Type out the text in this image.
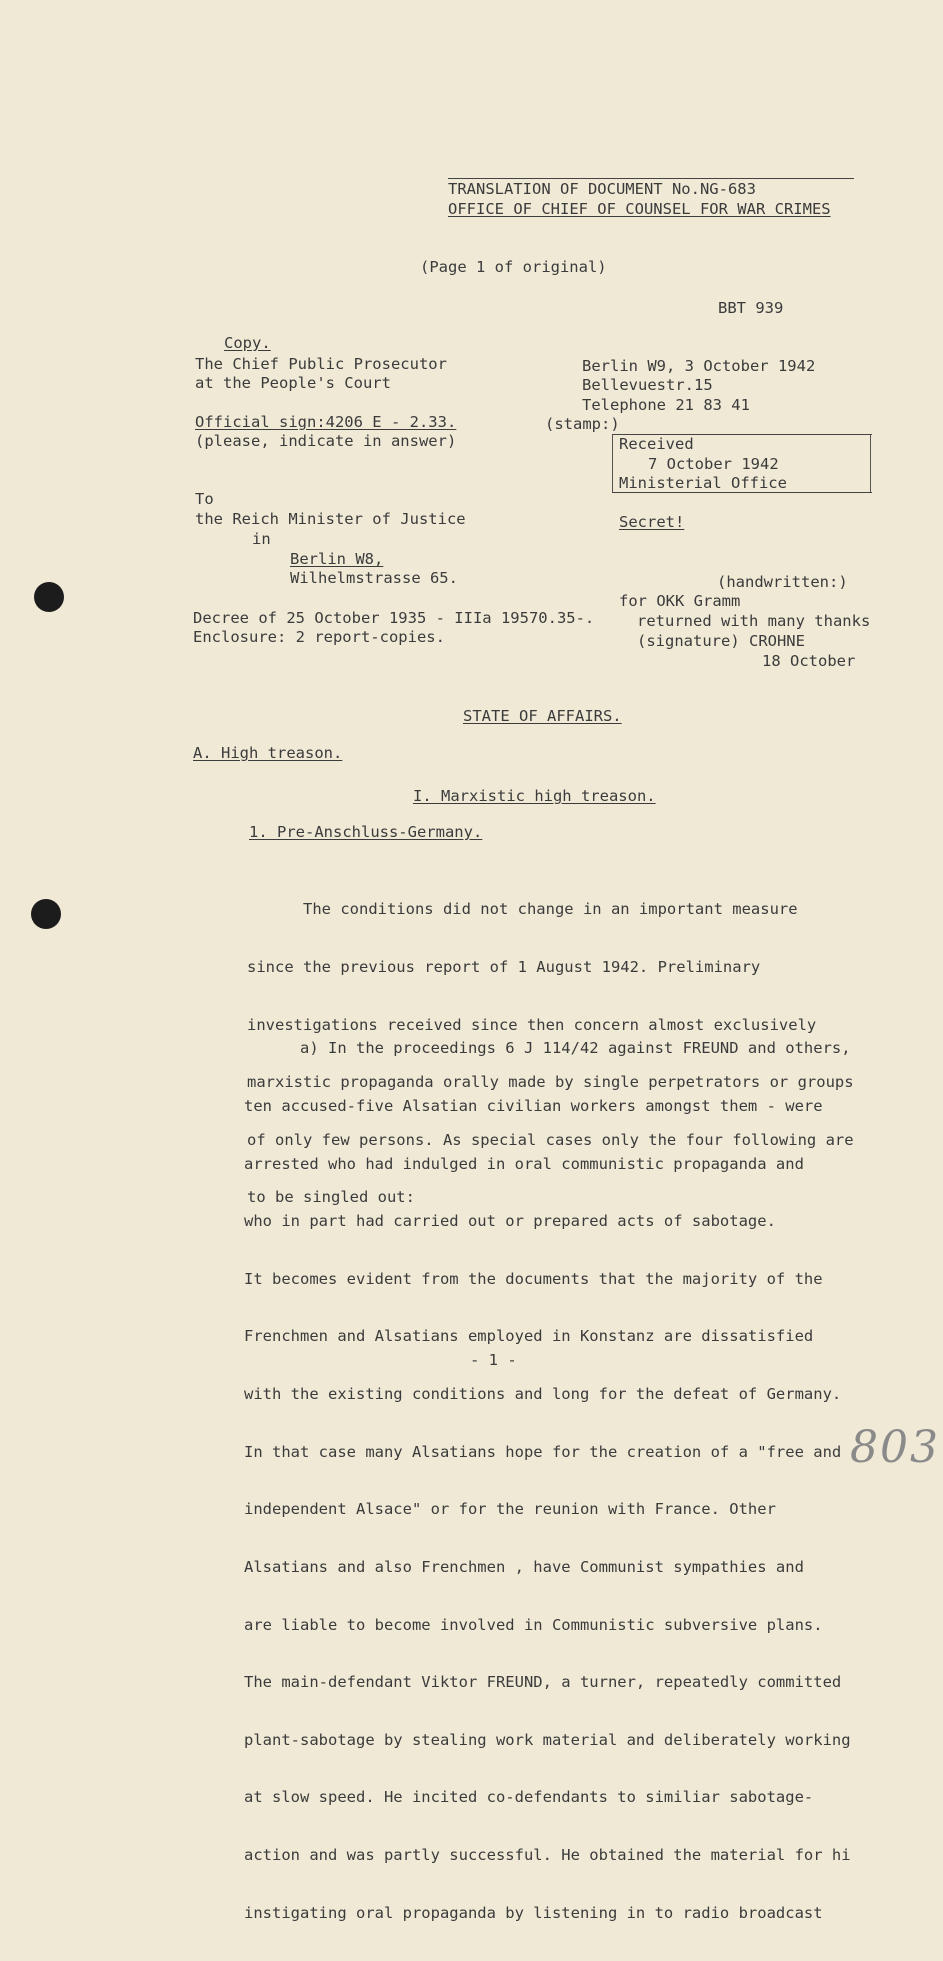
TRANSLATION OF DOCUMENT No.NG-683
OFFICE OF CHIEF OF COUNSEL FOR WAR CRIMES
(Page 1 of original)
BBT 939
Copy.
The Chief Public Prosecutor
at the People's Court
Official sign:4206 E - 2.33.
(please, indicate in answer)
Berlin W9, 3 October 1942
Bellevuestr.15
Telephone 21 83 41
(stamp:)
Received
7 October 1942
Ministerial Office
To
the Reich Minister of Justice
in
Berlin W8,
Wilhelmstrasse 65.
Secret!
(handwritten:)
for OKK Gramm
returned with many thanks
(signature) CROHNE
18 October
Decree of 25 October 1935 - IIIa 19570.35-.
Enclosure: 2 report-copies.
STATE OF AFFAIRS.
A. High treason.
I. Marxistic high treason.
1. Pre-Anschluss-Germany.

The conditions did not change in an important measure

since the previous report of 1 August 1942. Preliminary

investigations received since then concern almost exclusively

marxistic propaganda orally made by single perpetrators or groups

of only few persons. As special cases only the four following are

to be singled out:

a) In the proceedings 6 J 114/42 against FREUND and others,

ten accused-five Alsatian civilian workers amongst them - were

arrested who had indulged in oral communistic propaganda and

who in part had carried out or prepared acts of sabotage.

It becomes evident from the documents that the majority of the

Frenchmen and Alsatians employed in Konstanz are dissatisfied

with the existing conditions and long for the defeat of Germany.

In that case many Alsatians hope for the creation of a "free and

independent Alsace" or for the reunion with France. Other

Alsatians and also Frenchmen , have Communist sympathies and

are liable to become involved in Communistic subversive plans.

The main-defendant Viktor FREUND, a turner, repeatedly committed

plant-sabotage by stealing work material and deliberately working

at slow speed. He incited co-defendants to similiar sabotage-

action and was partly successful. He obtained the material for hi

instigating oral propaganda by listening in to radio broadcast

- 1 -
803
